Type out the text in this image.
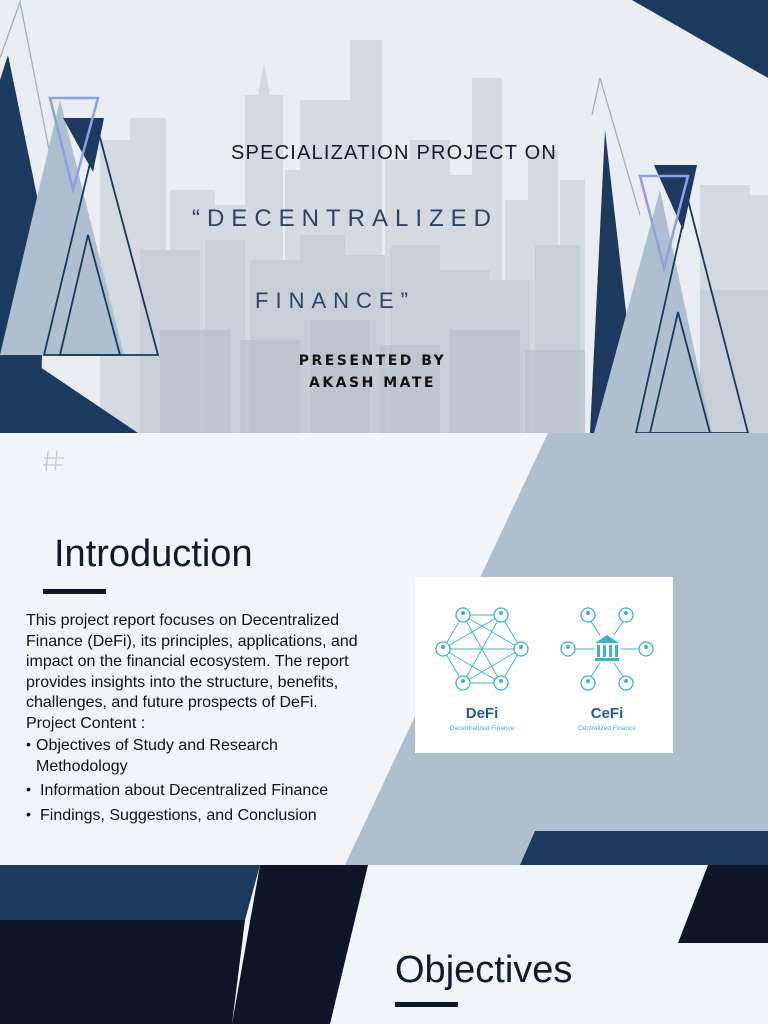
SPECIALIZATION PROJECT ON
“DECENTRALIZED
FINANCE”
PRESENTED BY
AKASH MATE
Introduction

This project report focuses on Decentralized Finance (DeFi), its principles, applications, and impact on the financial ecosystem. The report provides insights into the structure, benefits, challenges, and future prospects of DeFi.

Project Content :

• Objectives of Study and Research Methodology
• Information about Decentralized Finance
• Findings, Suggestions, and Conclusion
DeFi
Decentralized Finance
CeFi
Centralized Finance
Objectives
